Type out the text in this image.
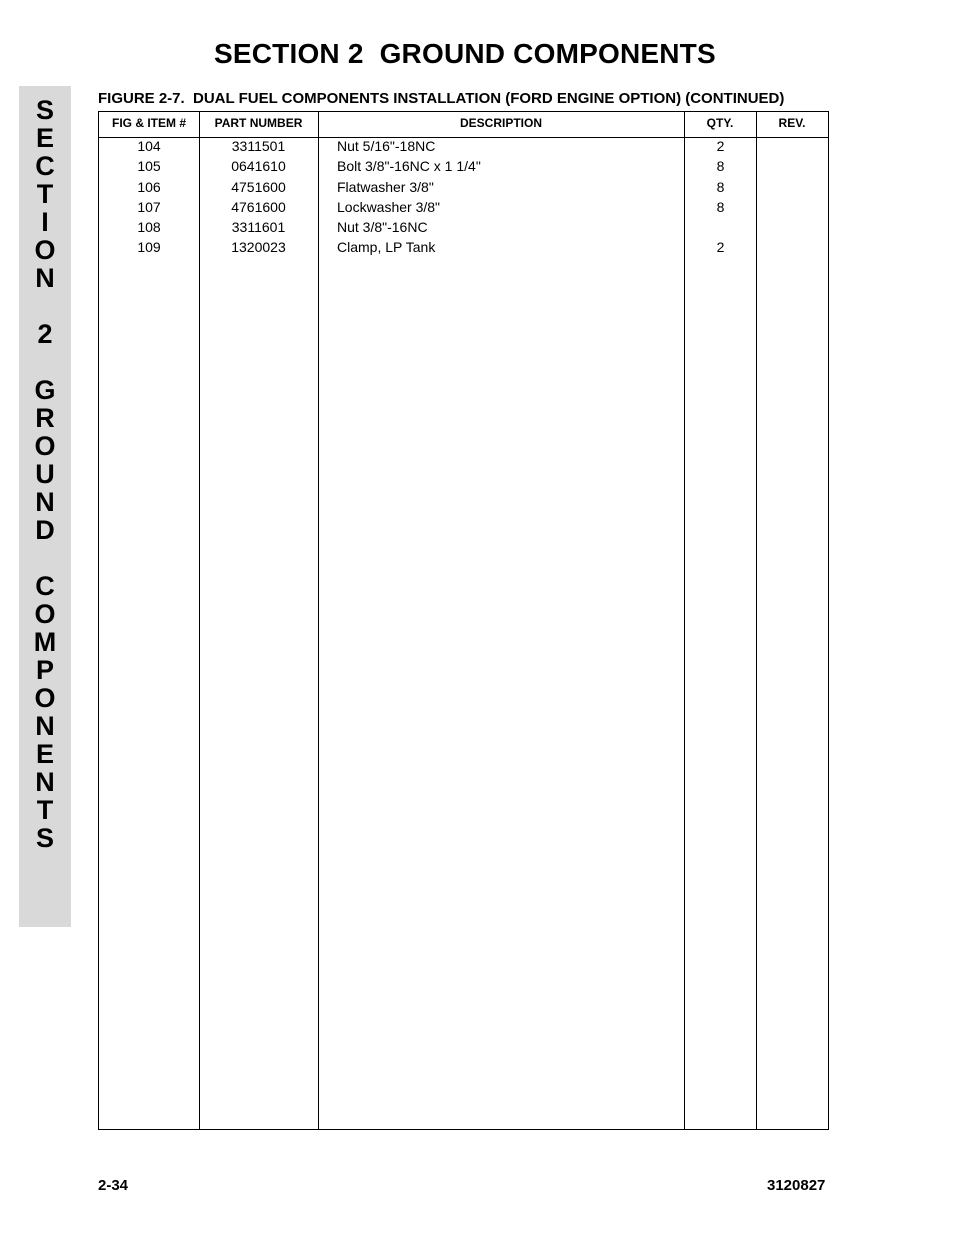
SECTION 2  GROUND COMPONENTS
S
E
C
T
I
O
N
2
G
R
O
U
N
D
C
O
M
P
O
N
E
N
T
S
FIGURE 2-7.  DUAL FUEL COMPONENTS INSTALLATION (FORD ENGINE OPTION) (CONTINUED)
FIG & ITEM #	PART NUMBER	DESCRIPTION	QTY.	REV.
104	3311501	Nut 5/16"-18NC	2
105	0641610	Bolt 3/8"-16NC x 1 1/4"	8
106	4751600	Flatwasher 3/8"	8
107	4761600	Lockwasher 3/8"	8
108	3311601	Nut 3/8"-16NC
109	1320023	Clamp, LP Tank	2
2-34	3120827
